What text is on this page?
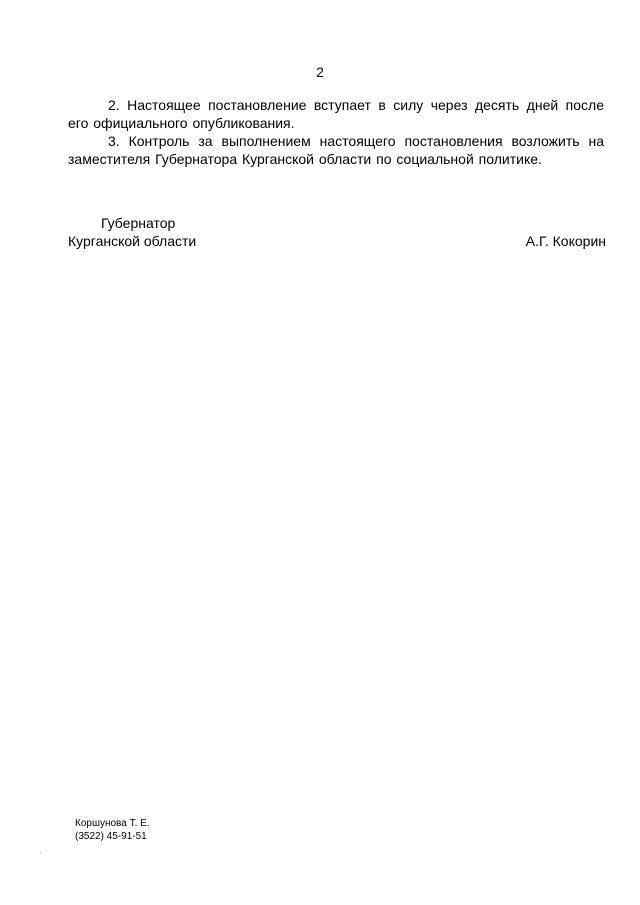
2

2. Настоящее постановление вступает в силу через десять дней после его официального опубликования.

3. Контроль за выполнением настоящего постановления возложить на заместителя Губернатора Курганской области по социальной политике.

Губернатор

Курганской области	А.Г. Кокорин
Коршунова Т. Е.
(3522) 45-91-51
